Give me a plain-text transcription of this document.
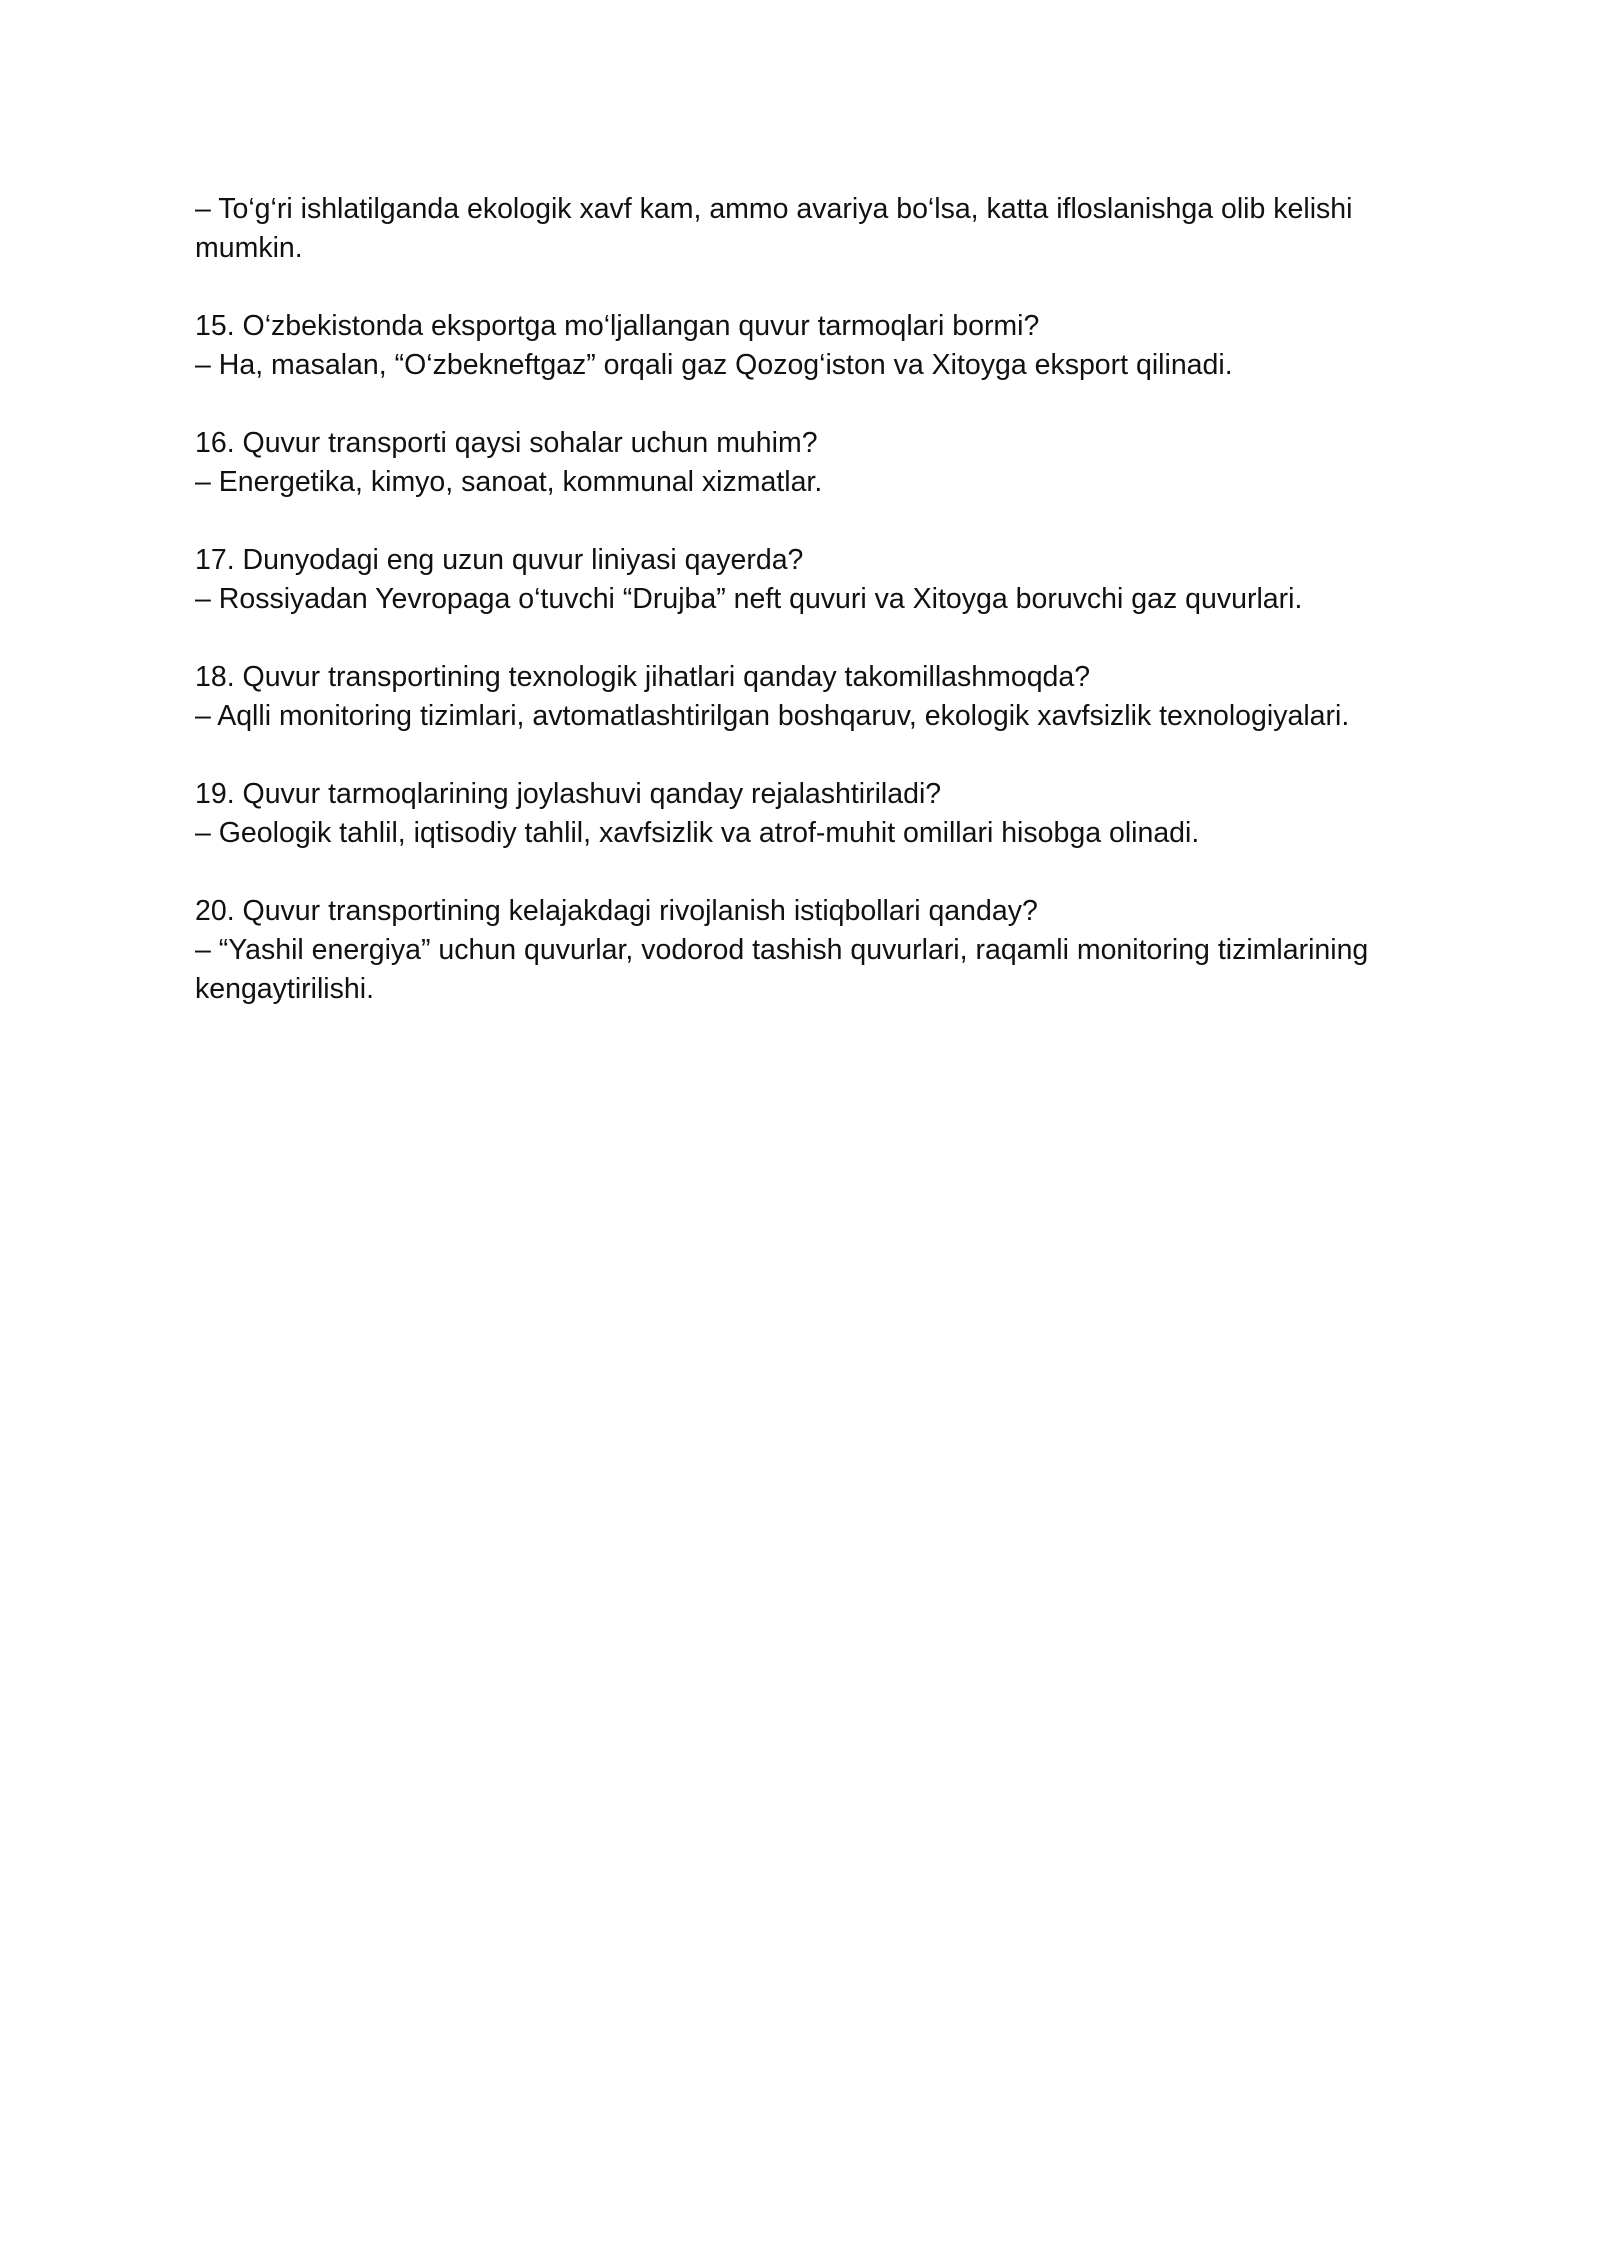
– To‘g‘ri ishlatilganda ekologik xavf kam, ammo avariya bo‘lsa, katta ifloslanishga olib kelishi mumkin.
15. O‘zbekistonda eksportga mo‘ljallangan quvur tarmoqlari bormi?
– Ha, masalan, “O‘zbekneftgaz” orqali gaz Qozog‘iston va Xitoyga eksport qilinadi.
16. Quvur transporti qaysi sohalar uchun muhim?
– Energetika, kimyo, sanoat, kommunal xizmatlar.
17. Dunyodagi eng uzun quvur liniyasi qayerda?
– Rossiyadan Yevropaga o‘tuvchi “Drujba” neft quvuri va Xitoyga boruvchi gaz quvurlari.
18. Quvur transportining texnologik jihatlari qanday takomillashmoqda?
– Aqlli monitoring tizimlari, avtomatlashtirilgan boshqaruv, ekologik xavfsizlik texnologiyalari.
19. Quvur tarmoqlarining joylashuvi qanday rejalashtiriladi?
– Geologik tahlil, iqtisodiy tahlil, xavfsizlik va atrof-muhit omillari hisobga olinadi.
20. Quvur transportining kelajakdagi rivojlanish istiqbollari qanday?
– “Yashil energiya” uchun quvurlar, vodorod tashish quvurlari, raqamli monitoring tizimlarining kengaytirilishi.
